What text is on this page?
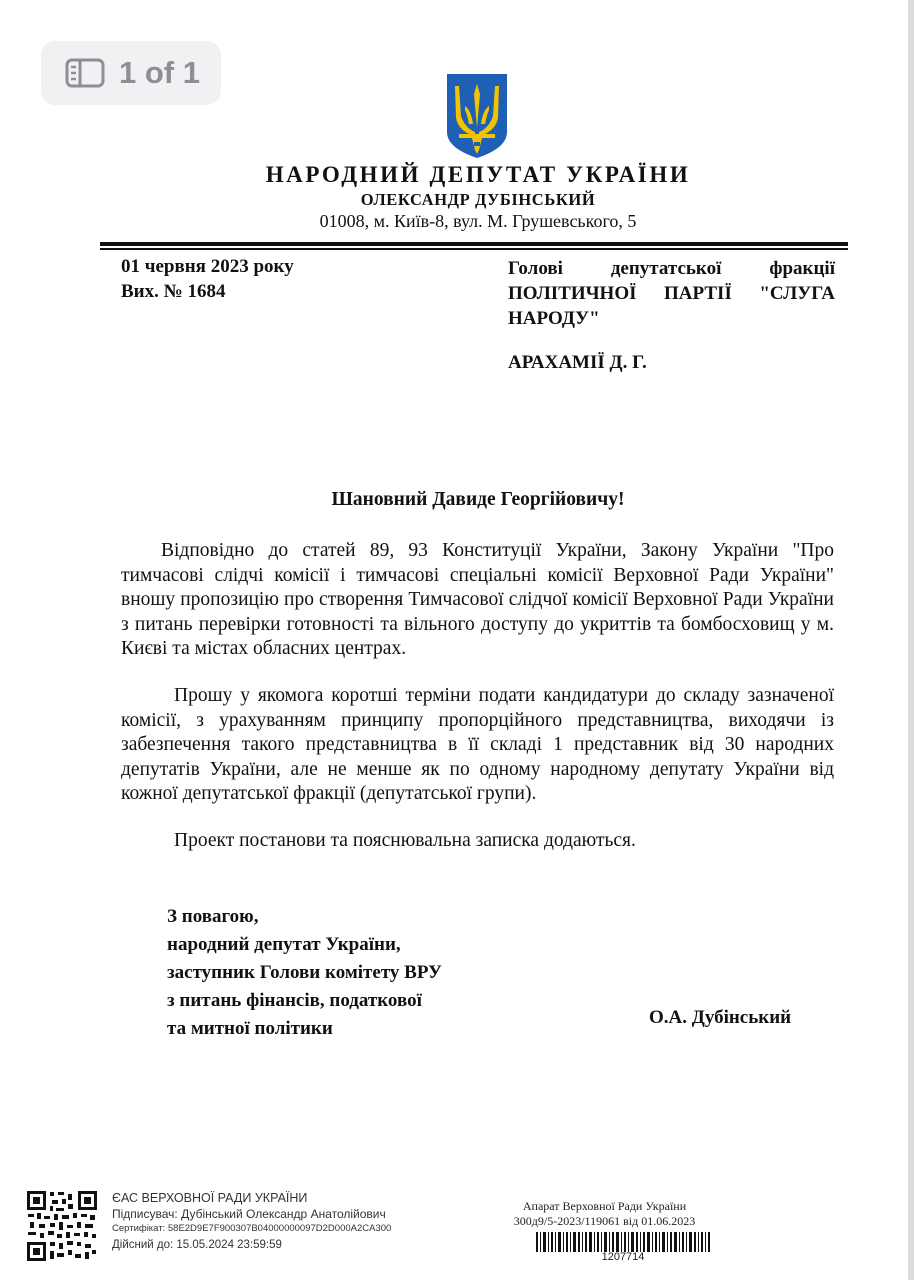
1 of 1
НАРОДНИЙ ДЕПУТАТ УКРАЇНИ
ОЛЕКСАНДР ДУБІНСЬКИЙ
01008, м. Київ-8, вул. М. Грушевського, 5
01 червня 2023 року
Вих. № 1684
Голові депутатської фракції ПОЛІТИЧНОЇ ПАРТІЇ "СЛУГА НАРОДУ"
АРАХАМІЇ Д. Г.
Шановний Давиде Георгійовичу!
Відповідно до статей 89, 93 Конституції України, Закону України "Про тимчасові слідчі комісії і тимчасові спеціальні комісії Верховної Ради України" вношу пропозицію про створення Тимчасової слідчої комісії Верховної Ради України з питань перевірки готовності та вільного доступу до укриттів та бомбосховищ у м. Києві та містах обласних центрах.
Прошу у якомога коротші терміни подати кандидатури до складу зазначеної комісії, з урахуванням принципу пропорційного представництва, виходячи із забезпечення такого представництва в її складі 1 представник від 30 народних депутатів України, але не менше як по одному народному депутату України від кожної депутатської фракції (депутатської групи).
Проект постанови та пояснювальна записка додаються.
З повагою,
народний депутат України,
заступник Голови комітету ВРУ
з питань фінансів, податкової
та митної політики
О.А. Дубінський
ЄАС ВЕРХОВНОЇ РАДИ УКРАЇНИ
Підписувач: Дубінський Олександр Анатолійович
Сертифікат: 58E2D9E7F900307B04000000097D2D000A2CA300
Дійсний до: 15.05.2024 23:59:59
Апарат Верховної Ради України
300д9/5-2023/119061 від 01.06.2023
1207714
